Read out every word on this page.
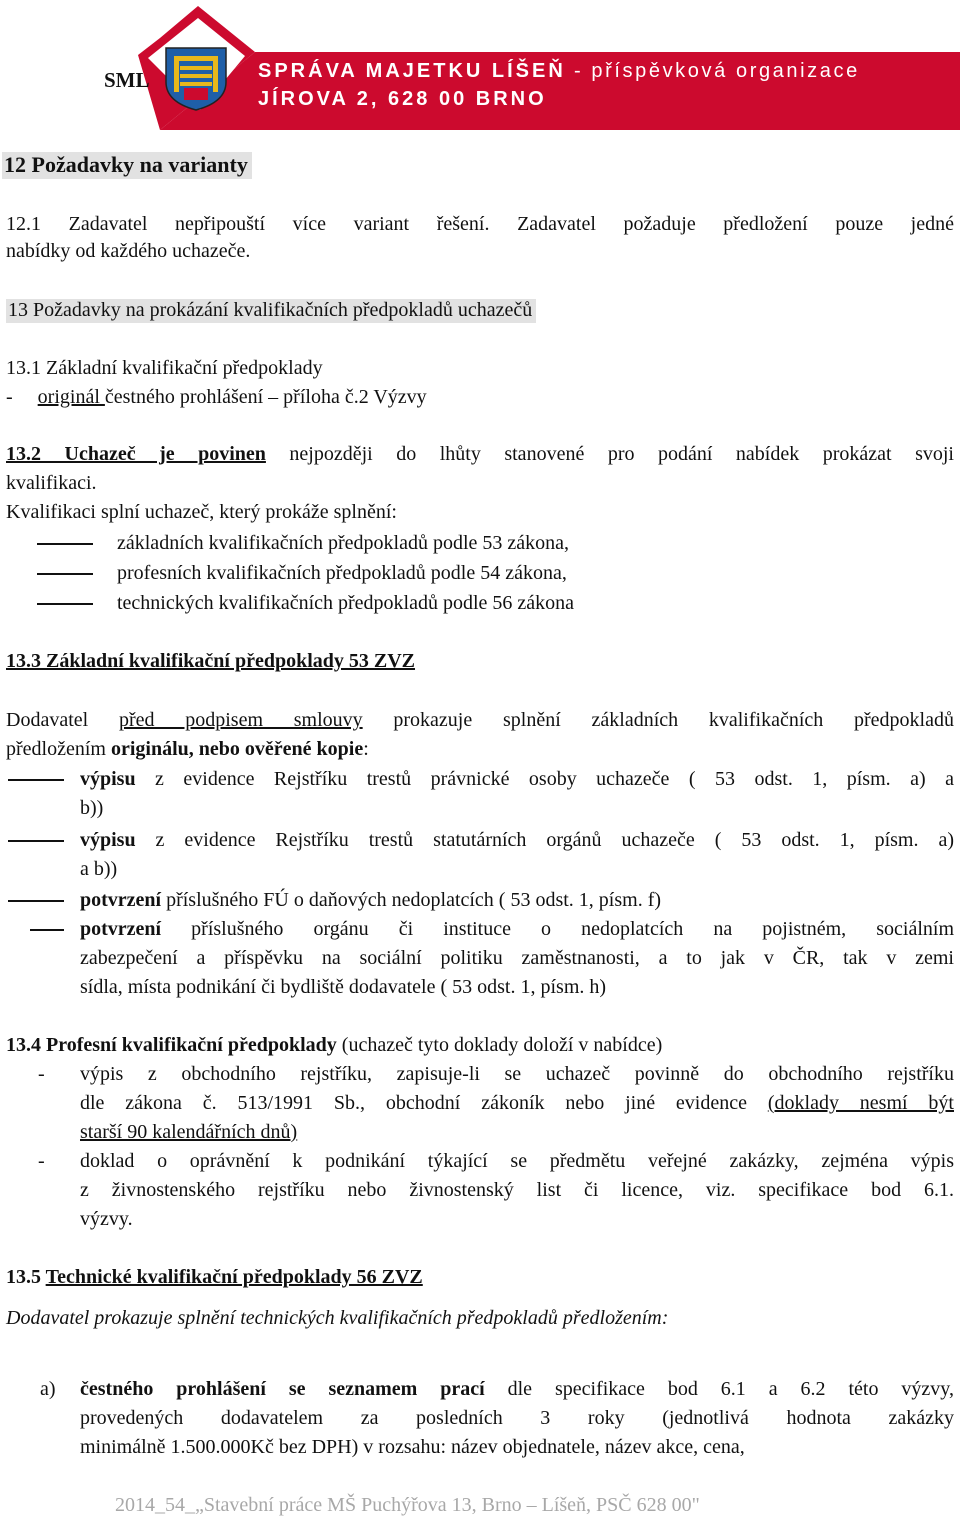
SML	SPRÁVA MAJETKU LÍŠEŇ - příspěvková organizace
JÍROVA 2, 628 00 BRNO
12 Požadavky na varianty
12.1 Zadavatel nepřipouští více variant řešení. Zadavatel požaduje předložení pouze jedné
nabídky od každého uchazeče.
13 Požadavky na prokázání kvalifikačních předpokladů uchazečů
13.1 Základní kvalifikační předpoklady
- originál čestného prohlášení – příloha č.2 Výzvy
13.2 Uchazeč je povinen nejpozději do lhůty stanovené pro podání nabídek prokázat svoji
kvalifikaci.
Kvalifikaci splní uchazeč, který prokáže splnění:
základních kvalifikačních předpokladů podle 53 zákona,
profesních kvalifikačních předpokladů podle 54 zákona,
technických kvalifikačních předpokladů podle 56 zákona
13.3 Základní kvalifikační předpoklady 53 ZVZ
Dodavatel před podpisem smlouvy prokazuje splnění základních kvalifikačních předpokladů
předložením originálu, nebo ověřené kopie:
výpisu z evidence Rejstříku trestů právnické osoby uchazeče ( 53 odst. 1, písm. a) a
b))
výpisu z evidence Rejstříku trestů statutárních orgánů uchazeče ( 53 odst. 1, písm. a)
a b))
potvrzení příslušného FÚ o daňových nedoplatcích ( 53 odst. 1, písm. f)
potvrzení příslušného orgánu či instituce o nedoplatcích na pojistném, sociálním
zabezpečení a příspěvku na sociální politiku zaměstnanosti, a to jak v ČR, tak v zemi
sídla, místa podnikání či bydliště dodavatele ( 53 odst. 1, písm. h)
13.4 Profesní kvalifikační předpoklady (uchazeč tyto doklady doloží v nabídce)
- výpis z obchodního rejstříku, zapisuje-li se uchazeč povinně do obchodního rejstříku
dle zákona č. 513/1991 Sb., obchodní zákoník nebo jiné evidence (doklady nesmí být
starší 90 kalendářních dnů)
- doklad o oprávnění k podnikání týkající se předmětu veřejné zakázky, zejména výpis
z živnostenského rejstříku nebo živnostenský list či licence, viz. specifikace bod 6.1.
výzvy.
13.5 Technické kvalifikační předpoklady 56 ZVZ
Dodavatel prokazuje splnění technických kvalifikačních předpokladů předložením:
a) čestného prohlášení se seznamem prací dle specifikace bod 6.1 a 6.2 této výzvy,
provedených dodavatelem za posledních 3 roky (jednotlivá hodnota zakázky
minimálně 1.500.000Kč bez DPH) v rozsahu: název objednatele, název akce, cena,
2014_54_„Stavební práce MŠ Puchýřova 13, Brno – Líšeň, PSČ 628 00"
